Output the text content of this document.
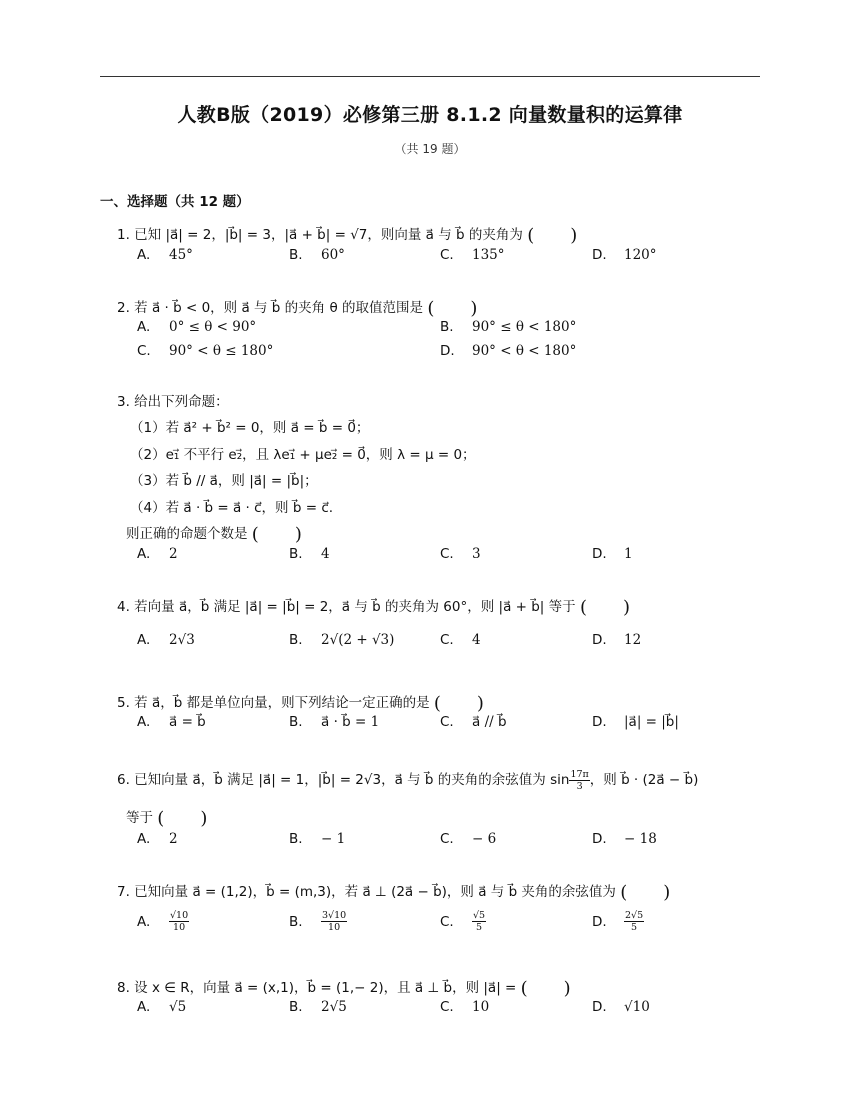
人教B版（2019）必修第三册 8.1.2 向量数量积的运算律
（共 19 题）
一、选择题（共 12 题）
1. 已知 |a⃗| = 2，|b⃗| = 3，|a⃗ + b⃗| = √7，则向量 a⃗ 与 b⃗ 的夹角为 (　　)
A. 45°	B. 60°	C. 135°	D. 120°
2. 若 a⃗ · b⃗ < 0，则 a⃗ 与 b⃗ 的夹角 θ 的取值范围是 (　　)
A. 0° ≤ θ < 90°	B. 90° ≤ θ < 180°
C. 90° < θ ≤ 180°	D. 90° < θ < 180°
3. 给出下列命题：
（1）若 a⃗² + b⃗² = 0，则 a⃗ = b⃗ = 0⃗；
（2）e₁⃗ 不平行 e₂⃗，且 λe₁⃗ + μe₂⃗ = 0⃗，则 λ = μ = 0；
（3）若 b⃗ // a⃗，则 |a⃗| = |b⃗|；
（4）若 a⃗ · b⃗ = a⃗ · c⃗，则 b⃗ = c⃗.
则正确的命题个数是 (　　)
A. 2	B. 4	C. 3	D. 1
4. 若向量 a⃗，b⃗ 满足 |a⃗| = |b⃗| = 2，a⃗ 与 b⃗ 的夹角为 60°，则 |a⃗ + b⃗| 等于 (　　)
A. 2√3	B. 2√(2 + √3)	C. 4	D. 12
5. 若 a⃗，b⃗ 都是单位向量，则下列结论一定正确的是 (　　)
A. a⃗ = b⃗	B. a⃗ · b⃗ = 1	C. a⃗ // b⃗	D. |a⃗| = |b⃗|
6. 已知向量 a⃗，b⃗ 满足 |a⃗| = 1，|b⃗| = 2√3，a⃗ 与 b⃗ 的夹角的余弦值为 $\sin \frac{17\pi}{3}$ ，则 b⃗ · (2a⃗ − b⃗)
等于 (　　)
A. 2	B. − 1	C. − 6	D. − 18
7. 已知向量 a⃗ = (1,2)，b⃗ = (m,3)，若 a⃗ ⊥ (2a⃗ − b⃗)，则 a⃗ 与 b⃗ 夹角的余弦值为 (　　)
A. $\frac{√10}{10}$	B. $\frac{3√10}{10}$	C. $\frac{√5}{5}$	D. $\frac{2√5}{5}$
8. 设 x ∈ R，向量 a⃗ = (x,1)，b⃗ = (1,− 2)，且 a⃗ ⊥ b⃗，则 |a⃗| = (　　)
A. √5	B. 2√5	C. 10	D. √10
